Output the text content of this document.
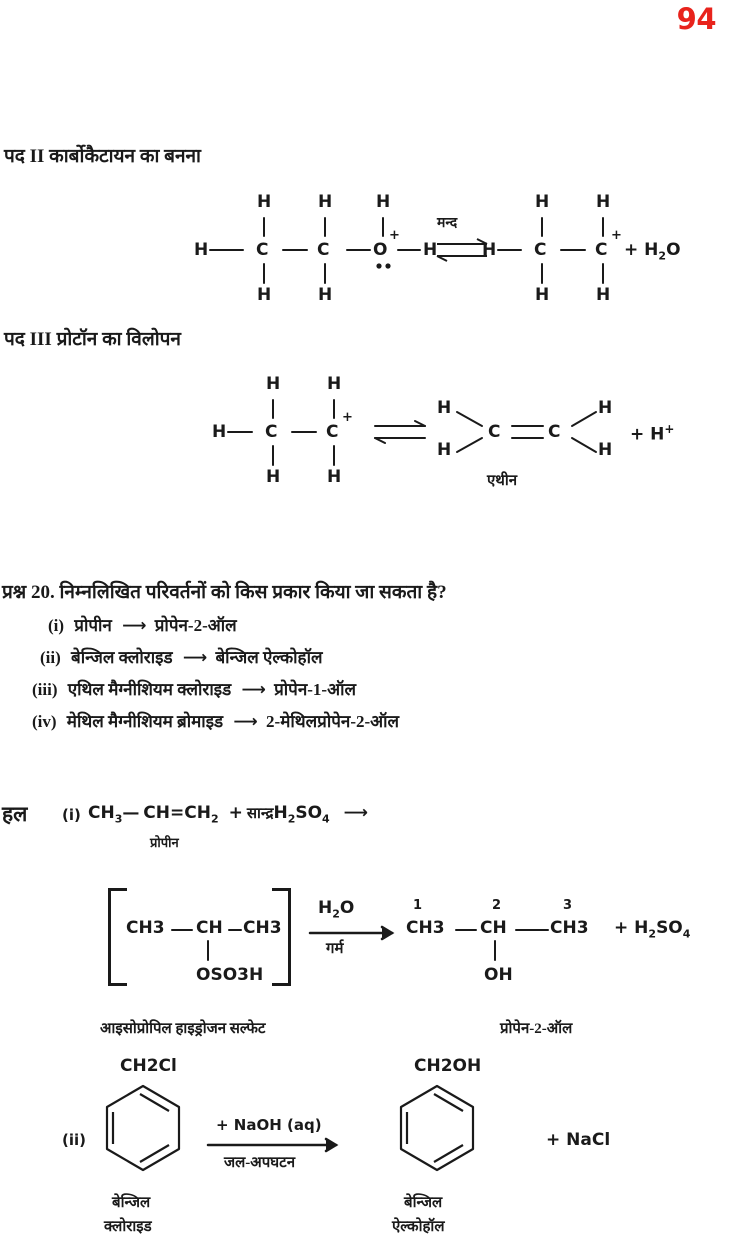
94
पद II कार्बोकैटायन का बनना
H	C	C	O
+
H
H	H	H
H	H
मन्द
H C	C
+
H	H
H	H
+ $H_2O$
पद III प्रोटॉन का विलोपन
H C	C
+
H	H
H	H
H
H
C	C
H
H
+ H+
एथीन
प्रश्न 20. निम्नलिखित परिवर्तनों को किस प्रकार किया जा सकता है?
(i) प्रोपीन ⟶ प्रोपेन-2-ऑल
(ii) बेन्जिल क्लोराइड ⟶ बेन्जिल ऐल्कोहॉल
(iii) एथिल मैग्नीशियम क्लोराइड ⟶ प्रोपेन-1-ऑल
(iv) मेथिल मैग्नीशियम ब्रोमाइड ⟶ 2-मेथिलप्रोपेन-2-ऑल
हल (i) $CH_3—$ $CH=CH_2$ + $सान्द्रH_2SO_4$ ⟶
प्रोपीन
CH3 CH CH3
OSO3H
आइसोप्रोपिल हाइड्रोजन सल्फेट
$H_2O$
गर्म
1	2	3
CH3 CH	CH3
OH
+ $H_2SO_4$
प्रोपेन-2-ऑल
(ii)
CH2Cl
बेन्जिल
क्लोराइड
+ NaOH (aq)
जल-अपघटन
CH2OH
बेन्जिल
ऐल्कोहॉल
+ NaCl
